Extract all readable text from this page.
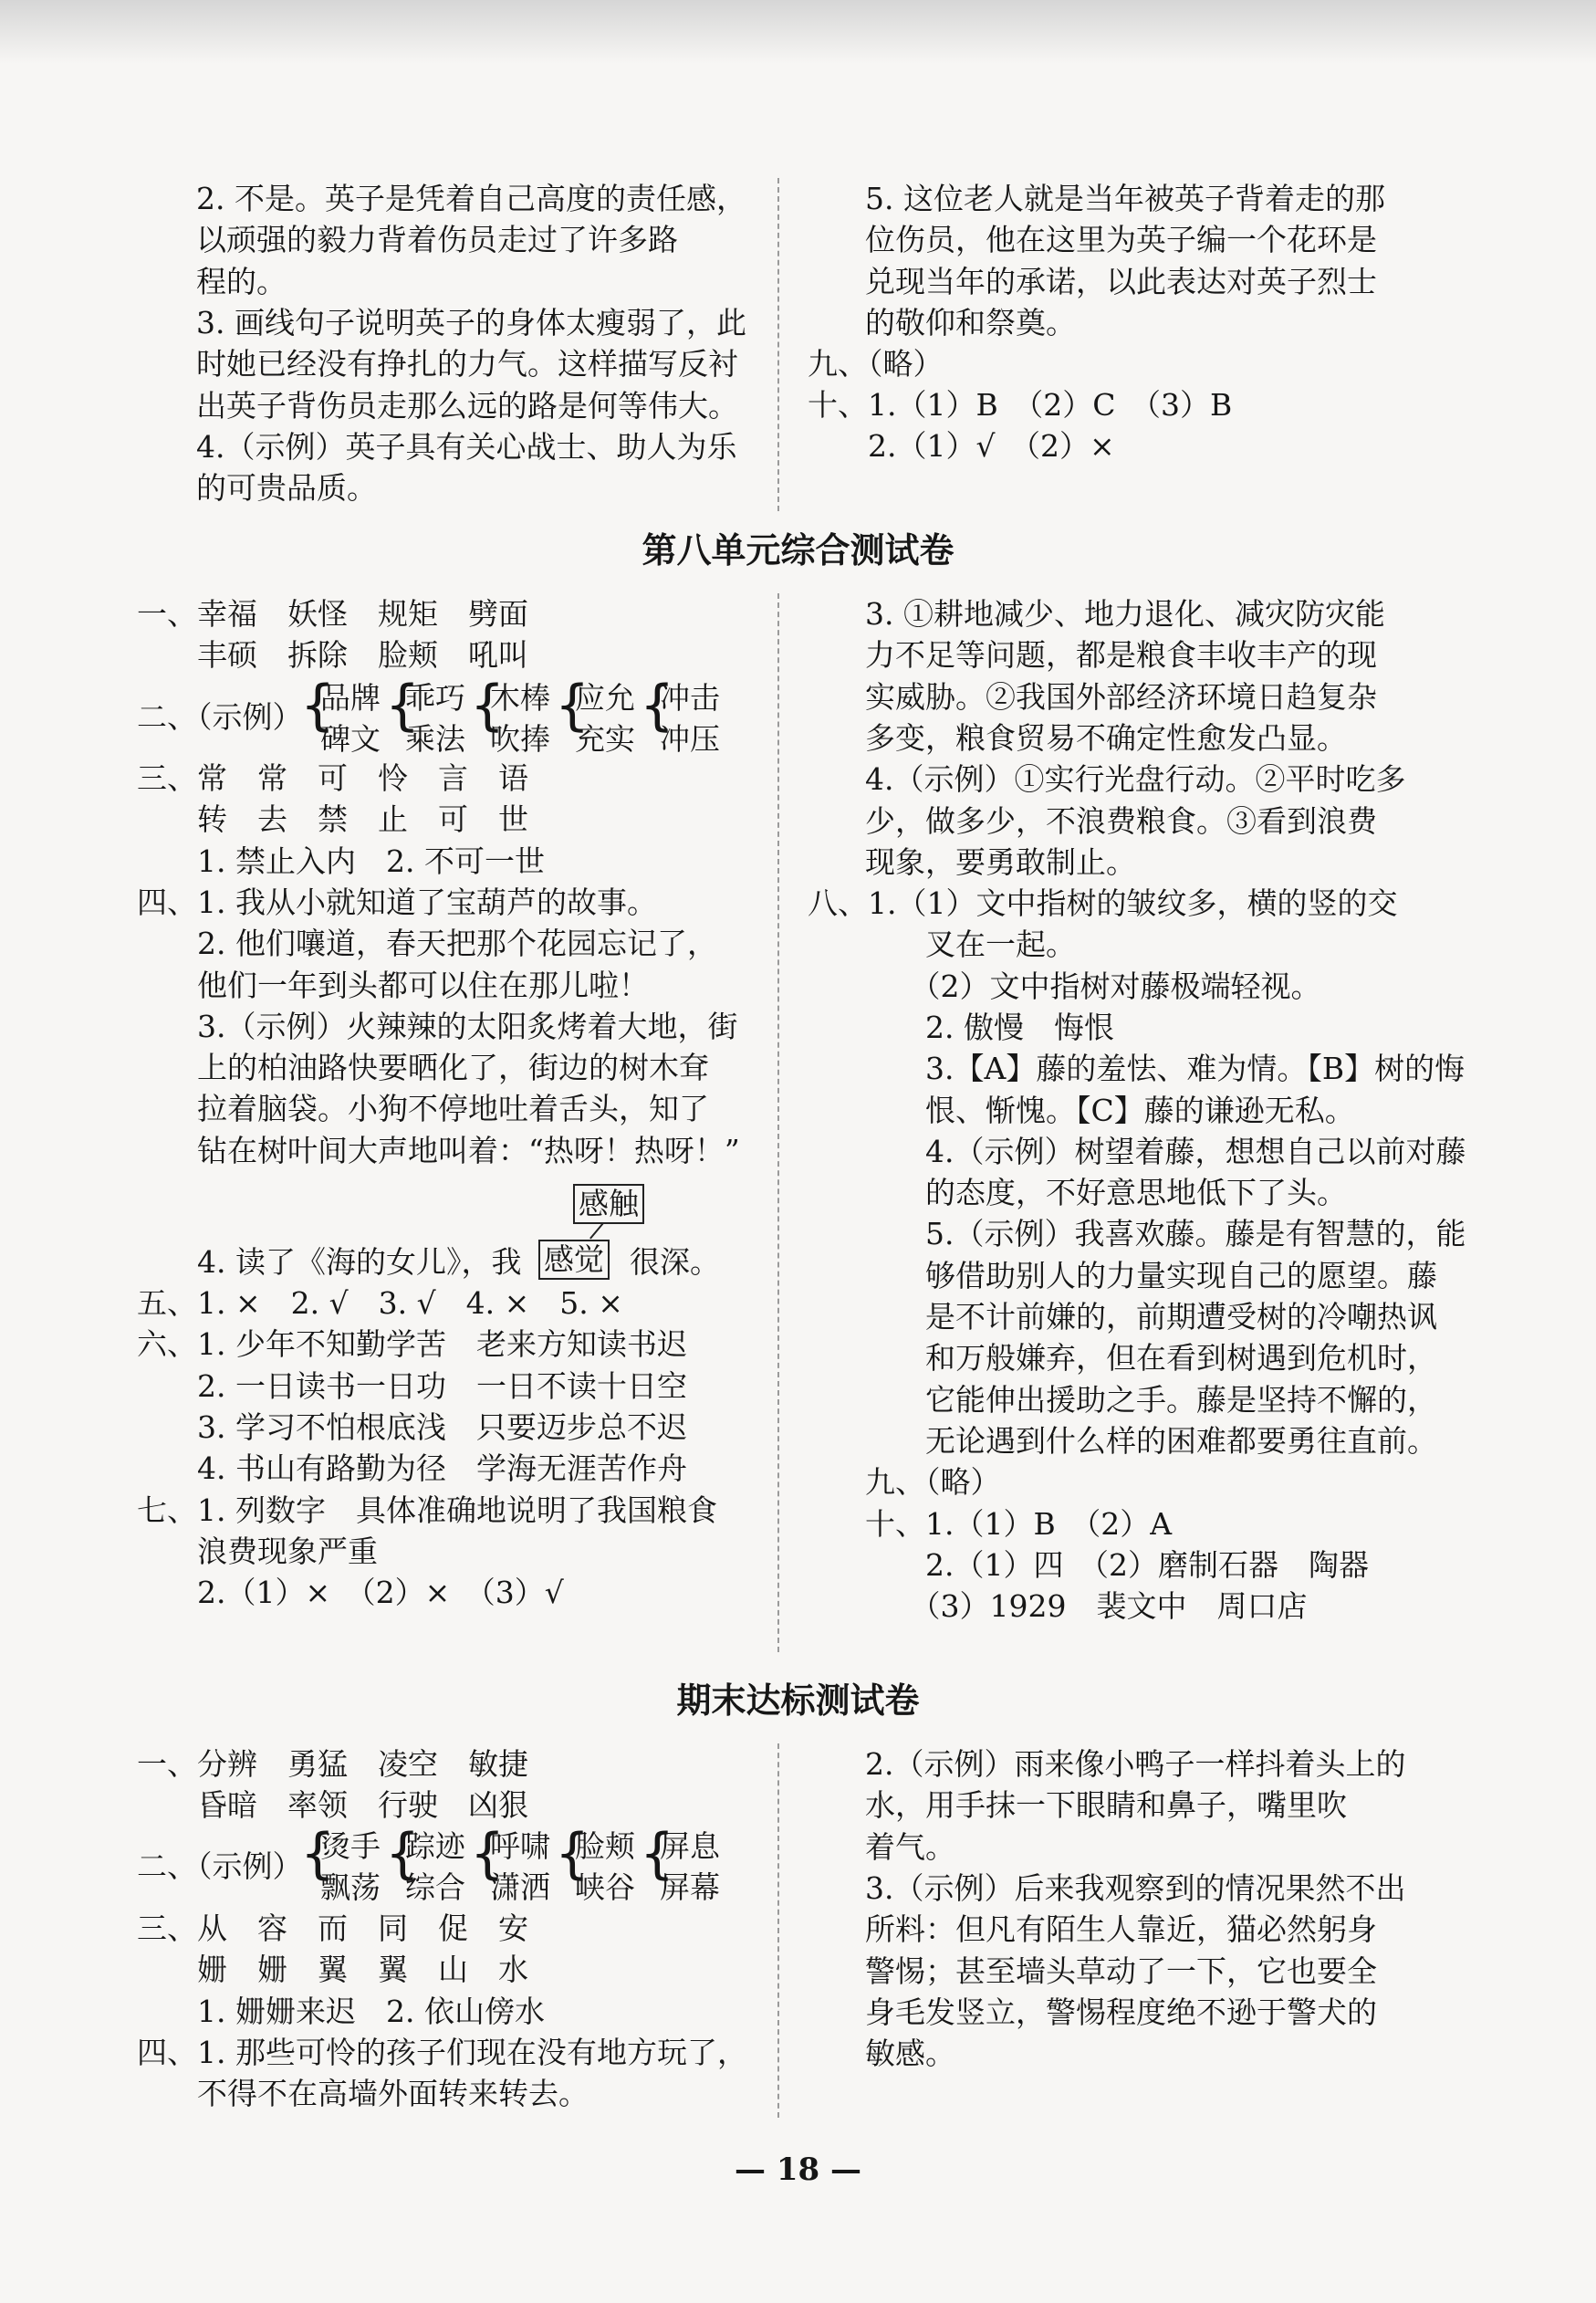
2. 不是。英子是凭着自己高度的责任感，
以顽强的毅力背着伤员走过了许多路
程的。
3. 画线句子说明英子的身体太瘦弱了，此
时她已经没有挣扎的力气。这样描写反衬
出英子背伤员走那么远的路是何等伟大。
4.（示例）英子具有关心战士、助人为乐
的可贵品质。
5. 这位老人就是当年被英子背着走的那
位伤员，他在这里为英子编一个花环是
兑现当年的承诺，以此表达对英子烈士
的敬仰和祭奠。
九、（略）
十、1.（1）B　（2）C　（3）B
　　2.（1）√　（2）×
第八单元综合测试卷
一、幸福　妖怪　规矩　劈面
　　丰硕　拆除　脸颊　吼叫
二、（示例）
三、常　常　可　怜　言　语
　　转　去　禁　止　可　世
　　1. 禁止入内　2. 不可一世
四、1. 我从小就知道了宝葫芦的故事。
　　2. 他们嚷道，春天把那个花园忘记了，
　　他们一年到头都可以住在那儿啦！
　　3.（示例）火辣辣的太阳炙烤着大地，街
　　上的柏油路快要晒化了，街边的树木耷
　　拉着脑袋。小狗不停地吐着舌头，知了
　　钻在树叶间大声地叫着：“热呀！热呀！”
　　4. 读了《海的女儿》，我	很深。
五、1. ×　2. √　3. √　4. ×　5. ×
六、1. 少年不知勤学苦　老来方知读书迟
　　2. 一日读书一日功　一日不读十日空
　　3. 学习不怕根底浅　只要迈步总不迟
　　4. 书山有路勤为径　学海无涯苦作舟
七、1. 列数字　具体准确地说明了我国粮食
　　浪费现象严重
　　2.（1）×　（2）×　（3）√
3. ①耕地减少、地力退化、减灾防灾能
力不足等问题，都是粮食丰收丰产的现
实威胁。②我国外部经济环境日趋复杂
多变，粮食贸易不确定性愈发凸显。
4.（示例）①实行光盘行动。②平时吃多
少，做多少，不浪费粮食。③看到浪费
现象，要勇敢制止。
八、1.（1）文中指树的皱纹多，横的竖的交
　　叉在一起。
　　（2）文中指树对藤极端轻视。
　　2. 傲慢　悔恨
　　3.【A】藤的羞怯、难为情。【B】树的悔
　　恨、惭愧。【C】藤的谦逊无私。
　　4.（示例）树望着藤，想想自己以前对藤
　　的态度，不好意思地低下了头。
　　5.（示例）我喜欢藤。藤是有智慧的，能
　　够借助别人的力量实现自己的愿望。藤
　　是不计前嫌的，前期遭受树的冷嘲热讽
　　和万般嫌弃，但在看到树遇到危机时，
　　它能伸出援助之手。藤是坚持不懈的，
　　无论遇到什么样的困难都要勇往直前。
九、（略）
十、1.（1）B　（2）A
　　2.（1）四　（2）磨制石器　陶器
　　（3）1929　裴文中　周口店
感触
感觉
{
品牌
碑文
{
乖巧
乘法
{
木棒
吹捧
{
应允
充实
{
冲击
冲压
期末达标测试卷
一、分辨　勇猛　凌空　敏捷
　　昏暗　率领　行驶　凶狠
二、（示例）
三、从　容　而　同　促　安
　　姗　姗　翼　翼　山　水
　　1. 姗姗来迟　2. 依山傍水
四、1. 那些可怜的孩子们现在没有地方玩了，
　　不得不在高墙外面转来转去。
2.（示例）雨来像小鸭子一样抖着头上的
水，用手抹一下眼睛和鼻子，嘴里吹
着气。
3.（示例）后来我观察到的情况果然不出
所料：但凡有陌生人靠近，猫必然躬身
警惕；甚至墙头草动了一下，它也要全
身毛发竖立，警惕程度绝不逊于警犬的
敏感。
{
烫手
飘荡
{
踪迹
综合
{
呼啸
潇洒
{
脸颊
峡谷
{
屏息
屏幕
— 18 —
